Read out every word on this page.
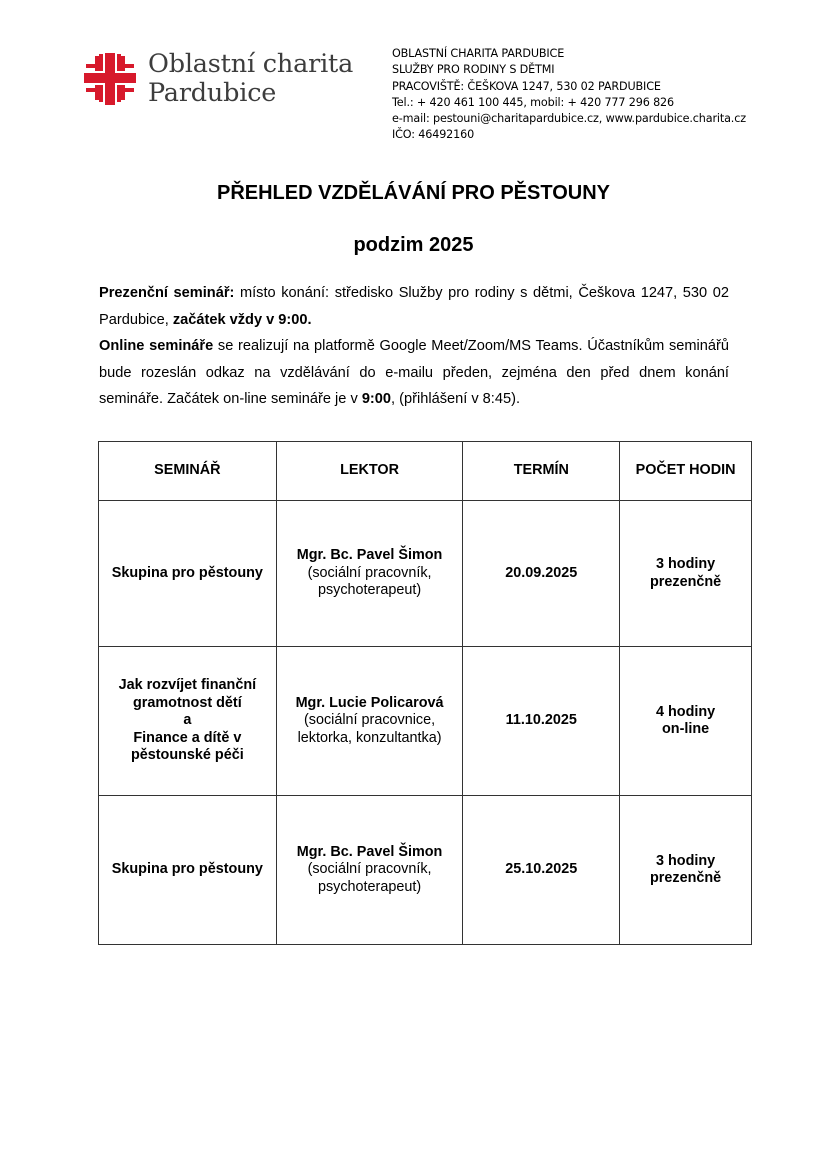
Oblastní charita
Pardubice
OBLASTNÍ CHARITA PARDUBICE
SLUŽBY PRO RODINY S DĚTMI
PRACOVIŠTĚ: ČEŠKOVA 1247, 530 02 PARDUBICE
Tel.: + 420 461 100 445, mobil: + 420 777 296 826
e-mail: pestouni@charitapardubice.cz, www.pardubice.charita.cz
IČO: 46492160
PŘEHLED VZDĚLÁVÁNÍ PRO PĚSTOUNY
podzim 2025

Prezenční seminář: místo konání: středisko Služby pro rodiny s dětmi, Češkova 1247, 530 02 Pardubice, začátek vždy v 9:00.

Online semináře se realizují na platformě Google Meet/Zoom/MS Teams. Účastníkům seminářů bude rozeslán odkaz na vzdělávání do e-mailu předen, zejména den před dnem konání semináře. Začátek on-line semináře je v 9:00, (přihlášení v 8:45).

SEMINÁŘ	LEKTOR	TERMÍN	POČET HODIN

Skupina pro pěstouny	Mgr. Bc. Pavel Šimon
(sociální pracovník,
psychoterapeut)	20.09.2025	3 hodiny
prezenčně

Jak rozvíjet finanční
gramotnost dětí
a
Finance a dítě v
pěstounské péči	Mgr. Lucie Policarová
(sociální pracovnice,
lektorka, konzultantka)	11.10.2025	4 hodiny
on-line

Skupina pro pěstouny	Mgr. Bc. Pavel Šimon
(sociální pracovník,
psychoterapeut)	25.10.2025	3 hodiny
prezenčně
